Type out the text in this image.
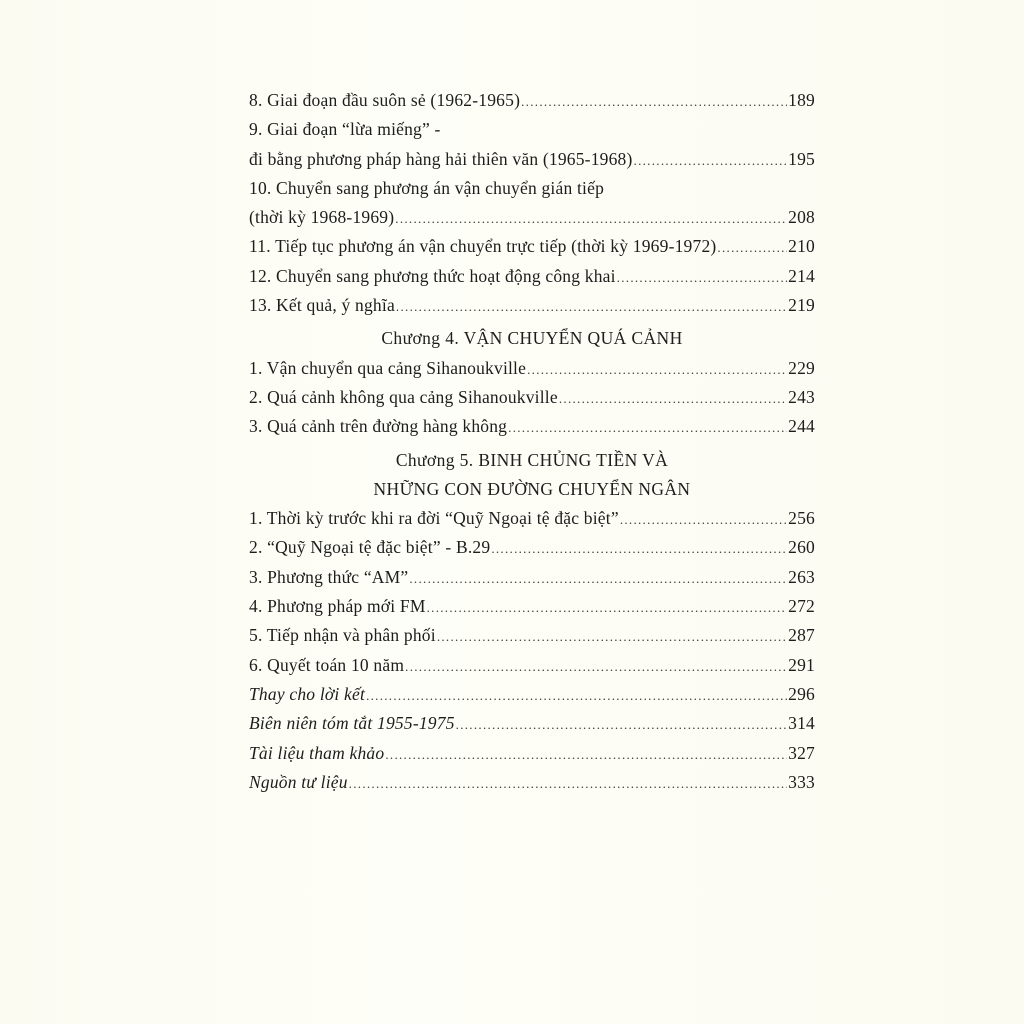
8. Giai đoạn đầu suôn sẻ (1962-1965) .....	189
9. Giai đoạn “lừa miếng” -
đi bằng phương pháp hàng hải thiên văn (1965-1968) .....	195
10. Chuyển sang phương án vận chuyển gián tiếp
(thời kỳ 1968-1969) .....	208
11. Tiếp tục phương án vận chuyển trực tiếp (thời kỳ 1969-1972) .....	210
12. Chuyển sang phương thức hoạt động công khai .....	214
13. Kết quả, ý nghĩa .....	219
Chương 4. VẬN CHUYỂN QUÁ CẢNH
1. Vận chuyển qua cảng Sihanoukville .....	229
2. Quá cảnh không qua cảng Sihanoukville .....	243
3. Quá cảnh trên đường hàng không .....	244
Chương 5. BINH CHỦNG TIỀN VÀ
NHỮNG CON ĐƯỜNG CHUYỂN NGÂN
1. Thời kỳ trước khi ra đời “Quỹ Ngoại tệ đặc biệt” .....	256
2. “Quỹ Ngoại tệ đặc biệt” - B.29 .....	260
3. Phương thức “AM” .....	263
4. Phương pháp mới FM .....	272
5. Tiếp nhận và phân phối .....	287
6. Quyết toán 10 năm .....	291
Thay cho lời kết .....	296
Biên niên tóm tắt 1955-1975 .....	314
Tài liệu tham khảo .....	327
Nguồn tư liệu .....	333
